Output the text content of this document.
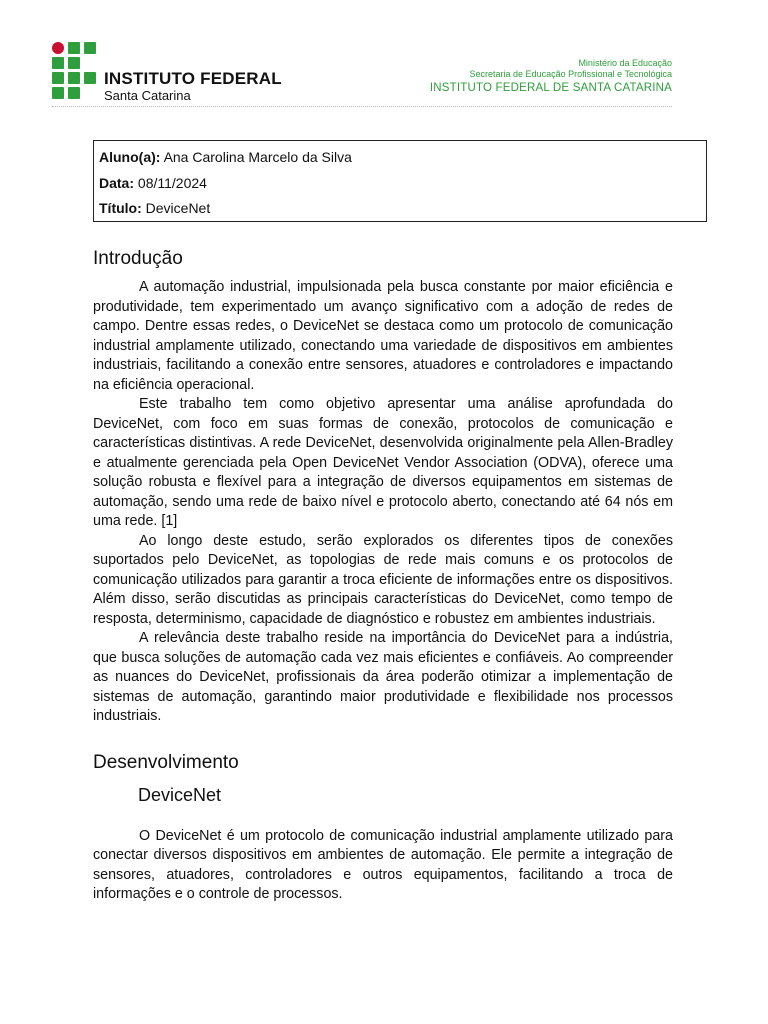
INSTITUTO FEDERAL
Santa Catarina
Ministério da Educação
Secretaria de Educação Profissional e Tecnológica
INSTITUTO FEDERAL DE SANTA CATARINA
Aluno(a): Ana Carolina Marcelo da Silva
Data: 08/11/2024
Título: DeviceNet
Introdução

A automação industrial, impulsionada pela busca constante por maior eficiência e produtividade, tem experimentado um avanço significativo com a adoção de redes de campo. Dentre essas redes, o DeviceNet se destaca como um protocolo de comunicação industrial amplamente utilizado, conectando uma variedade de dispositivos em ambientes industriais, facilitando a conexão entre sensores, atuadores e controladores e impactando na eficiência operacional.

Este trabalho tem como objetivo apresentar uma análise aprofundada do DeviceNet, com foco em suas formas de conexão, protocolos de comunicação e características distintivas. A rede DeviceNet, desenvolvida originalmente pela Allen-Bradley e atualmente gerenciada pela Open DeviceNet Vendor Association (ODVA), oferece uma solução robusta e flexível para a integração de diversos equipamentos em sistemas de automação, sendo uma rede de baixo nível e protocolo aberto, conectando até 64 nós em uma rede. [1]

Ao longo deste estudo, serão explorados os diferentes tipos de conexões suportados pelo DeviceNet, as topologias de rede mais comuns e os protocolos de comunicação utilizados para garantir a troca eficiente de informações entre os dispositivos. Além disso, serão discutidas as principais características do DeviceNet, como tempo de resposta, determinismo, capacidade de diagnóstico e robustez em ambientes industriais.

A relevância deste trabalho reside na importância do DeviceNet para a indústria, que busca soluções de automação cada vez mais eficientes e confiáveis. Ao compreender as nuances do DeviceNet, profissionais da área poderão otimizar a implementação de sistemas de automação, garantindo maior produtividade e flexibilidade nos processos industriais.

Desenvolvimento
DeviceNet

O DeviceNet é um protocolo de comunicação industrial amplamente utilizado para conectar diversos dispositivos em ambientes de automação. Ele permite a integração de sensores, atuadores, controladores e outros equipamentos, facilitando a troca de informações e o controle de processos.
